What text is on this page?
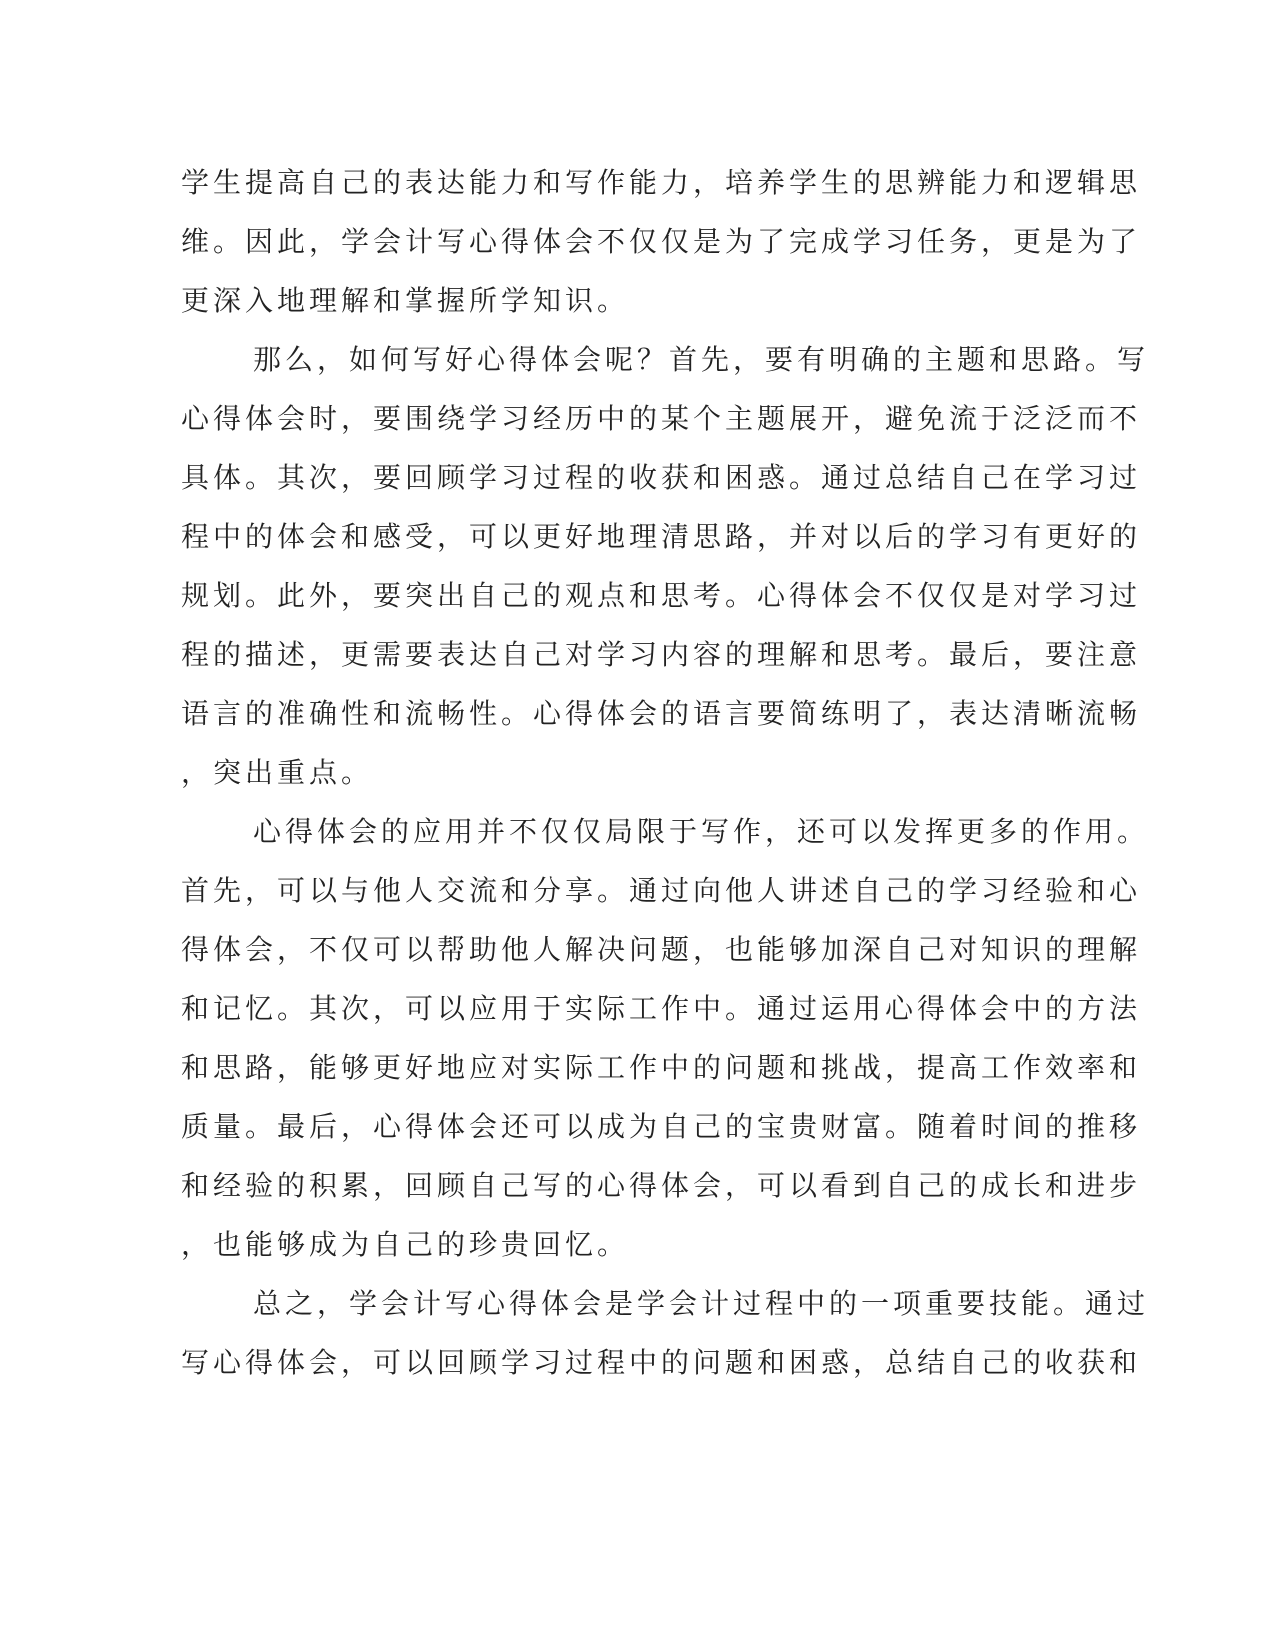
学生提高自己的表达能力和写作能力，培养学生的思辨能力和逻辑思
维。因此，学会计写心得体会不仅仅是为了完成学习任务，更是为了
更深入地理解和掌握所学知识。
那么，如何写好心得体会呢？首先，要有明确的主题和思路。写
心得体会时，要围绕学习经历中的某个主题展开，避免流于泛泛而不
具体。其次，要回顾学习过程的收获和困惑。通过总结自己在学习过
程中的体会和感受，可以更好地理清思路，并对以后的学习有更好的
规划。此外，要突出自己的观点和思考。心得体会不仅仅是对学习过
程的描述，更需要表达自己对学习内容的理解和思考。最后，要注意
语言的准确性和流畅性。心得体会的语言要简练明了，表达清晰流畅
，突出重点。
心得体会的应用并不仅仅局限于写作，还可以发挥更多的作用。
首先，可以与他人交流和分享。通过向他人讲述自己的学习经验和心
得体会，不仅可以帮助他人解决问题，也能够加深自己对知识的理解
和记忆。其次，可以应用于实际工作中。通过运用心得体会中的方法
和思路，能够更好地应对实际工作中的问题和挑战，提高工作效率和
质量。最后，心得体会还可以成为自己的宝贵财富。随着时间的推移
和经验的积累，回顾自己写的心得体会，可以看到自己的成长和进步
，也能够成为自己的珍贵回忆。
总之，学会计写心得体会是学会计过程中的一项重要技能。通过
写心得体会，可以回顾学习过程中的问题和困惑，总结自己的收获和
